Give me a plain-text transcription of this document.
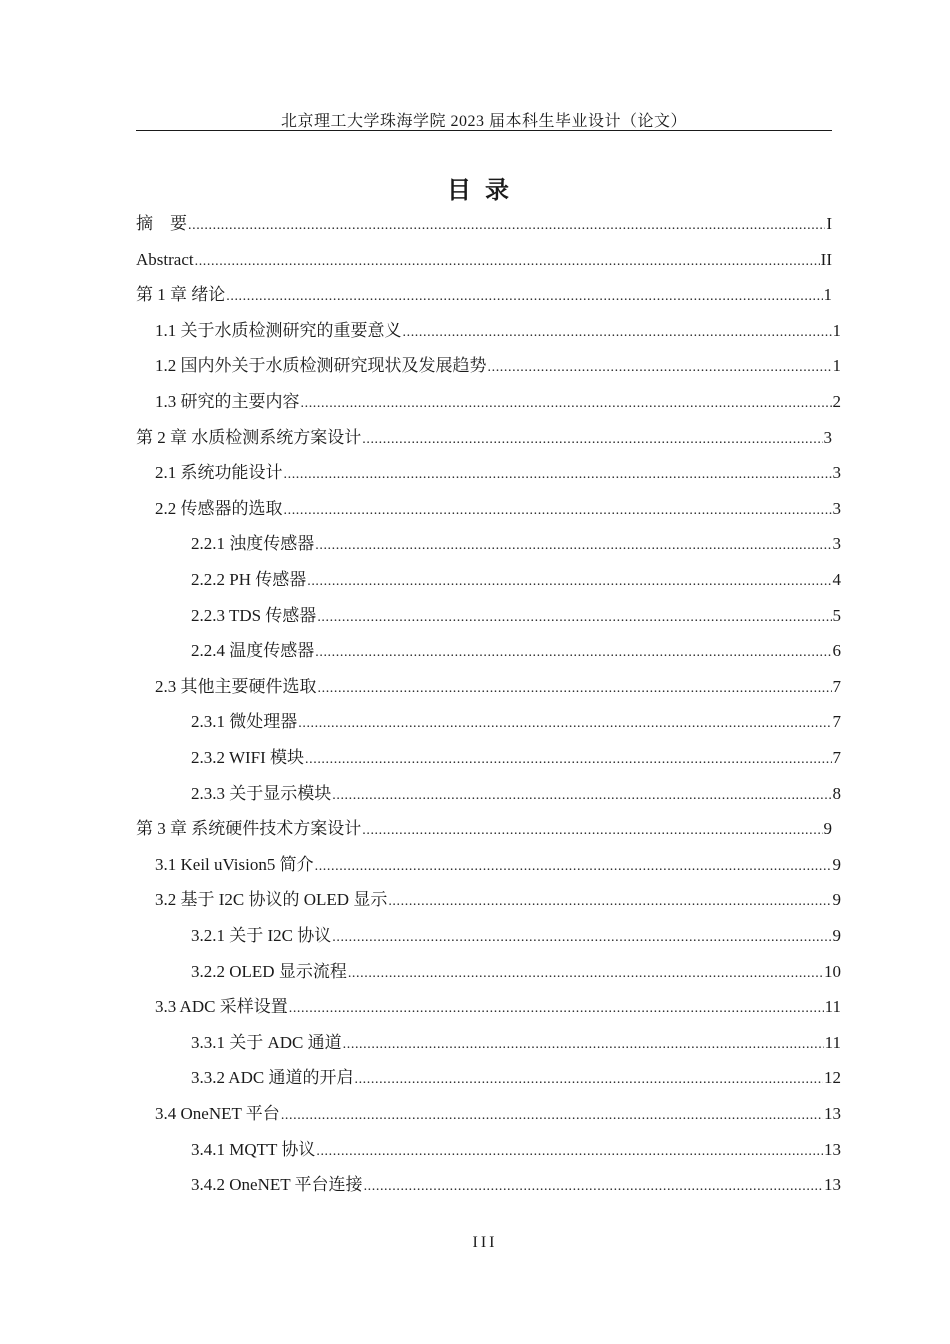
北京理工大学珠海学院 2023 届本科生毕业设计（论文）
目录
摘　要 .....	I
Abstract .....	II
第 1 章 绪论 .....	1
1.1 关于水质检测研究的重要意义 .....	1
1.2 国内外关于水质检测研究现状及发展趋势 .....	1
1.3 研究的主要内容 .....	2
第 2 章 水质检测系统方案设计 .....	3
2.1 系统功能设计 .....	3
2.2 传感器的选取 .....	3
2.2.1 浊度传感器 .....	3
2.2.2 PH 传感器 .....	4
2.2.3 TDS 传感器 .....	5
2.2.4 温度传感器 .....	6
2.3 其他主要硬件选取 .....	7
2.3.1 微处理器 .....	7
2.3.2 WIFI 模块 .....	7
2.3.3 关于显示模块 .....	8
第 3 章 系统硬件技术方案设计 .....	9
3.1 Keil uVision5 简介 .....	9
3.2 基于 I2C 协议的 OLED 显示 .....	9
3.2.1 关于 I2C 协议 .....	9
3.2.2 OLED 显示流程 .....	10
3.3 ADC 采样设置 .....	11
3.3.1 关于 ADC 通道 .....	11
3.3.2 ADC 通道的开启 .....	12
3.4 OneNET 平台 .....	13
3.4.1 MQTT 协议 .....	13
3.4.2 OneNET 平台连接 .....	13
III
